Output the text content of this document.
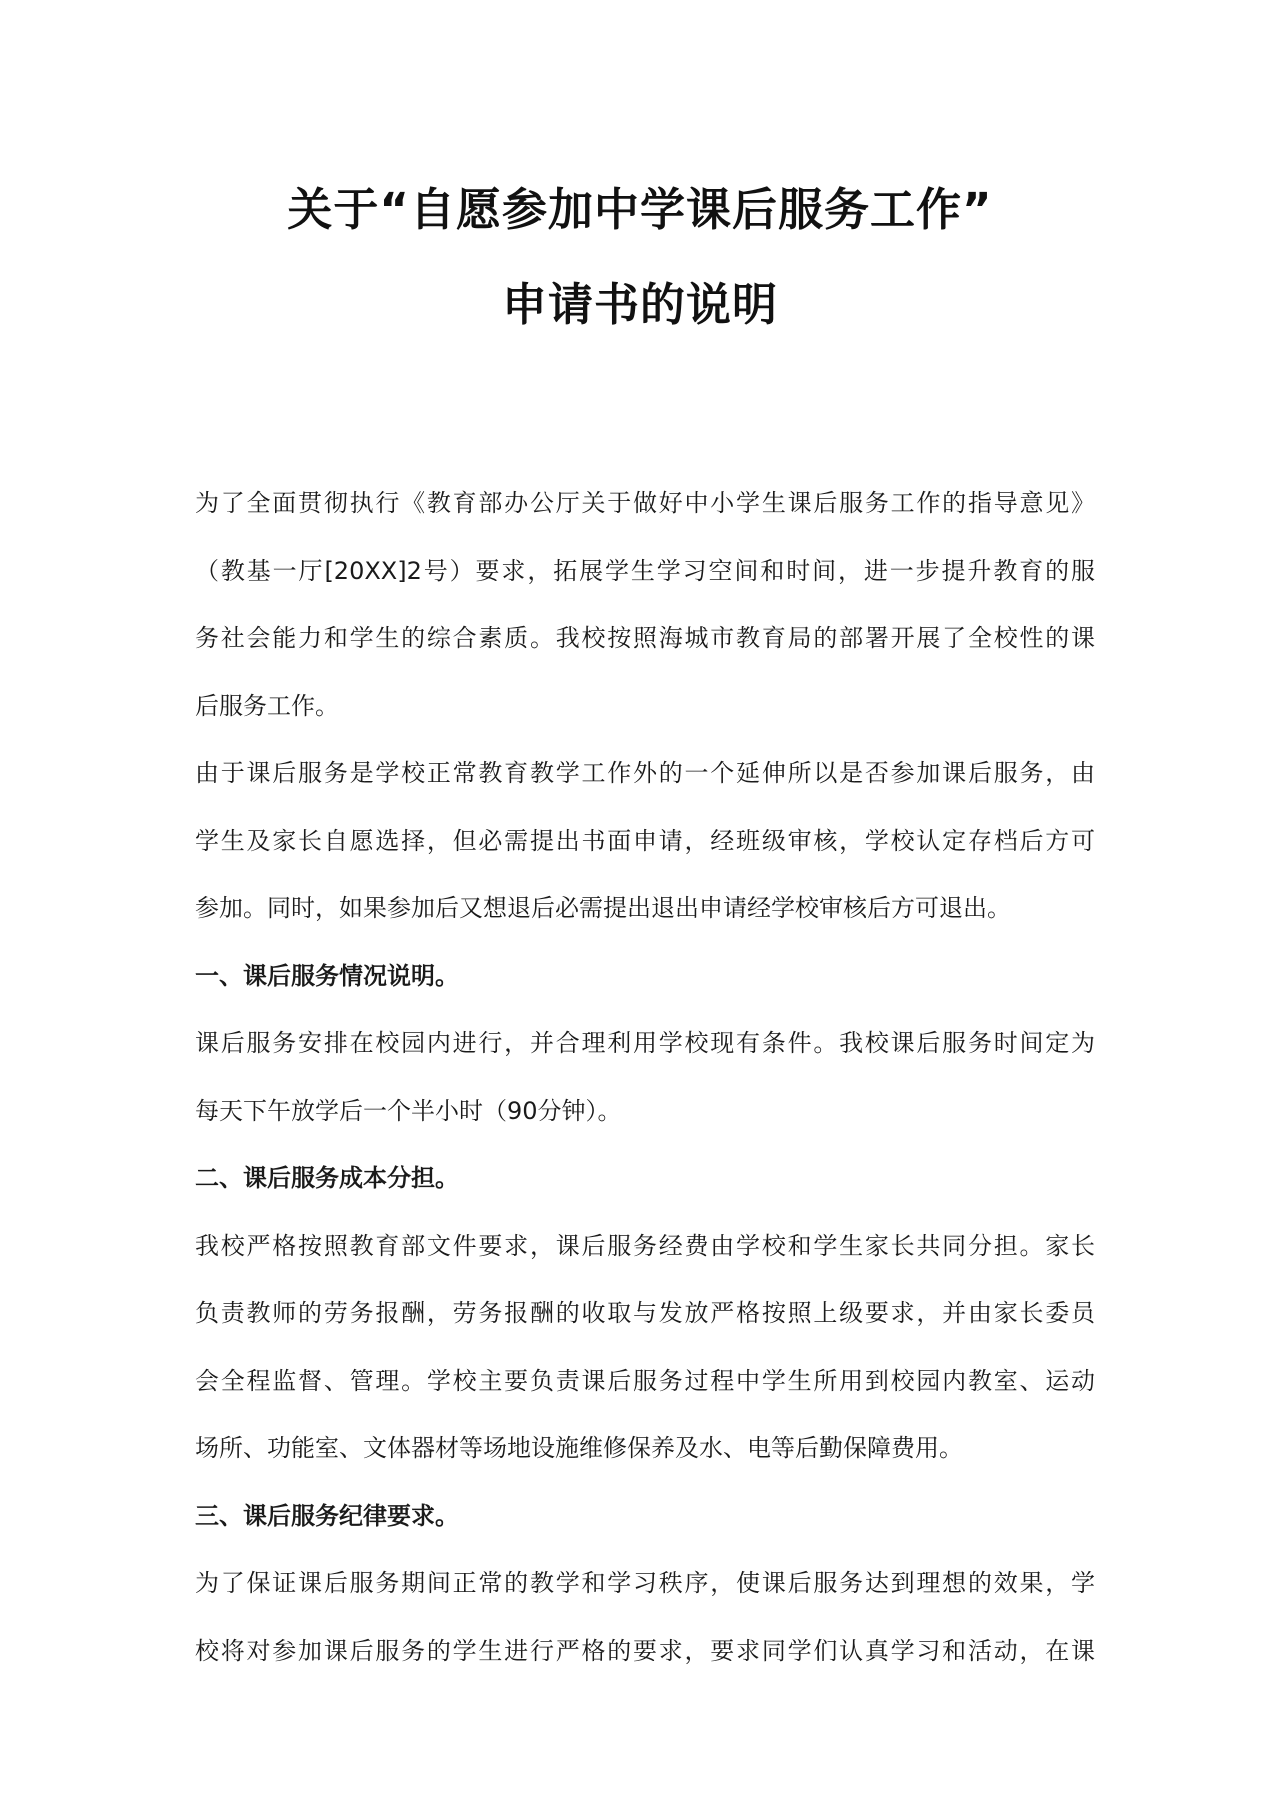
关于“自愿参加中学课后服务工作”
申请书的说明
为了全面贯彻执行《教育部办公厅关于做好中小学生课后服务工作的指导意见》
（教基一厅[20XX]2号）要求，拓展学生学习空间和时间，进一步提升教育的服
务社会能力和学生的综合素质。我校按照海城市教育局的部署开展了全校性的课
后服务工作。
由于课后服务是学校正常教育教学工作外的一个延伸所以是否参加课后服务，由
学生及家长自愿选择，但必需提出书面申请，经班级审核，学校认定存档后方可
参加。同时，如果参加后又想退后必需提出退出申请经学校审核后方可退出。
一、课后服务情况说明。
课后服务安排在校园内进行，并合理利用学校现有条件。我校课后服务时间定为
每天下午放学后一个半小时（90分钟）。
二、课后服务成本分担。
我校严格按照教育部文件要求，课后服务经费由学校和学生家长共同分担。家长
负责教师的劳务报酬，劳务报酬的收取与发放严格按照上级要求，并由家长委员
会全程监督、管理。学校主要负责课后服务过程中学生所用到校园内教室、运动
场所、功能室、文体器材等场地设施维修保养及水、电等后勤保障费用。
三、课后服务纪律要求。
为了保证课后服务期间正常的教学和学习秩序，使课后服务达到理想的效果，学
校将对参加课后服务的学生进行严格的要求，要求同学们认真学习和活动，在课
